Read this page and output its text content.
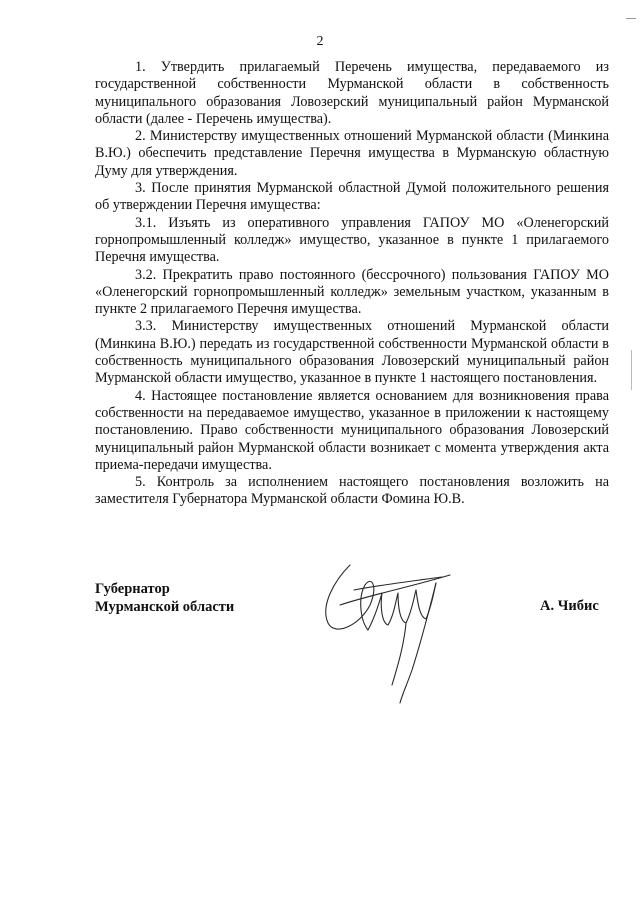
2

1. Утвердить прилагаемый Перечень имущества, передаваемого из государственной собственности Мурманской области в собственность муниципального образования Ловозерский муниципальный район Мурманской области (далее - Перечень имущества).

2. Министерству имущественных отношений Мурманской области (Минкина В.Ю.) обеспечить представление Перечня имущества в Мурманскую областную Думу для утверждения.

3. После принятия Мурманской областной Думой положительного решения об утверждении Перечня имущества:

3.1. Изъять из оперативного управления ГАПОУ МО «Оленегорский горнопромышленный колледж» имущество, указанное в пункте 1 прилагаемого Перечня имущества.

3.2. Прекратить право постоянного (бессрочного) пользования ГАПОУ МО «Оленегорский горнопромышленный колледж» земельным участком, указанным в пункте 2 прилагаемого Перечня имущества.

3.3. Министерству имущественных отношений Мурманской области (Минкина В.Ю.) передать из государственной собственности Мурманской области в собственность муниципального образования Ловозерский муниципальный район Мурманской области имущество, указанное в пункте 1 настоящего постановления.

4. Настоящее постановление является основанием для возникновения права собственности на передаваемое имущество, указанное в приложении к настоящему постановлению. Право собственности муниципального образования Ловозерский муниципальный район Мурманской области возникает с момента утверждения акта приема-передачи имущества.

5. Контроль за исполнением настоящего постановления возложить на заместителя Губернатора Мурманской области Фомина Ю.В.

Губернатор
Мурманской области	А. Чибис
